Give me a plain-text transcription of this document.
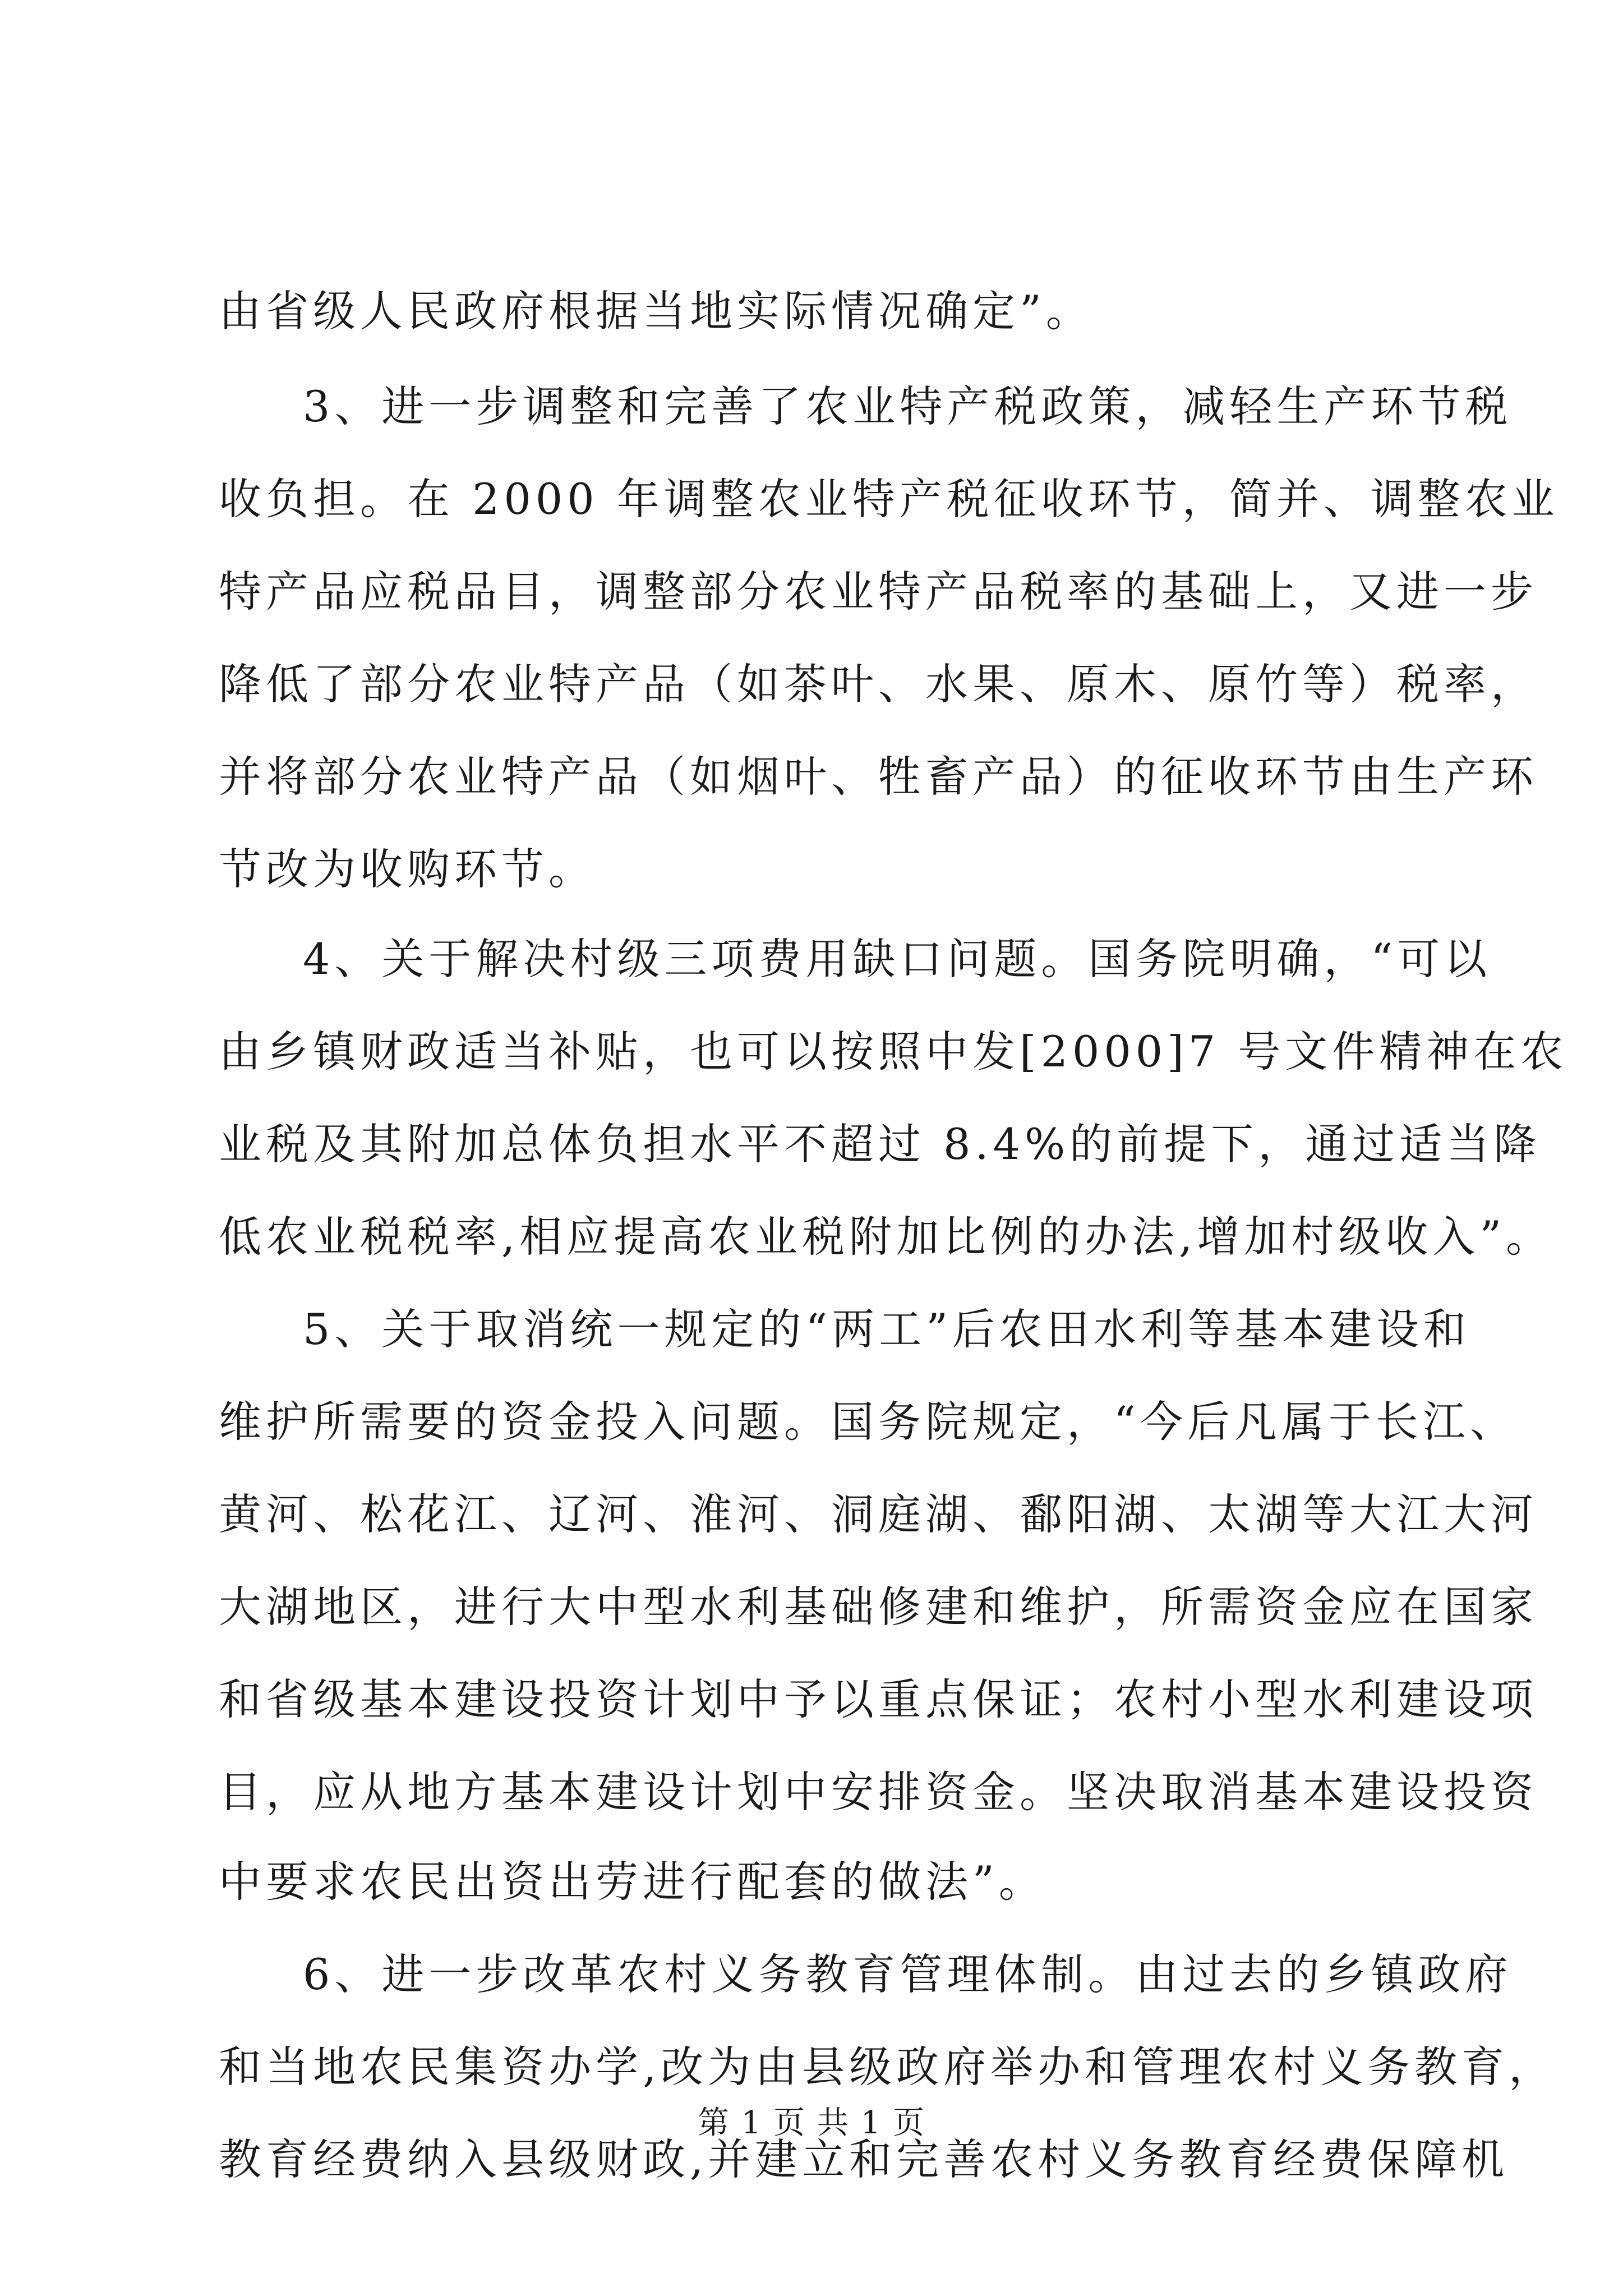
由省级人民政府根据当地实际情况确定”。
3、进一步调整和完善了农业特产税政策，减轻生产环节税
收负担。在 2000 年调整农业特产税征收环节，简并、调整农业
特产品应税品目，调整部分农业特产品税率的基础上，又进一步
降低了部分农业特产品（如茶叶、水果、原木、原竹等）税率，
并将部分农业特产品（如烟叶、牲畜产品）的征收环节由生产环
节改为收购环节。
4、关于解决村级三项费用缺口问题。国务院明确，“可以
由乡镇财政适当补贴，也可以按照中发[2000]7 号文件精神在农
业税及其附加总体负担水平不超过 8.4%的前提下，通过适当降
低农业税税率,相应提高农业税附加比例的办法,增加村级收入”。
5、关于取消统一规定的“两工”后农田水利等基本建设和
维护所需要的资金投入问题。国务院规定，“今后凡属于长江、
黄河、松花江、辽河、淮河、洞庭湖、鄱阳湖、太湖等大江大河
大湖地区，进行大中型水利基础修建和维护，所需资金应在国家
和省级基本建设投资计划中予以重点保证；农村小型水利建设项
目，应从地方基本建设计划中安排资金。坚决取消基本建设投资
中要求农民出资出劳进行配套的做法”。
6、进一步改革农村义务教育管理体制。由过去的乡镇政府
和当地农民集资办学,改为由县级政府举办和管理农村义务教育，
教育经费纳入县级财政,并建立和完善农村义务教育经费保障机
第 1 页 共 1 页
